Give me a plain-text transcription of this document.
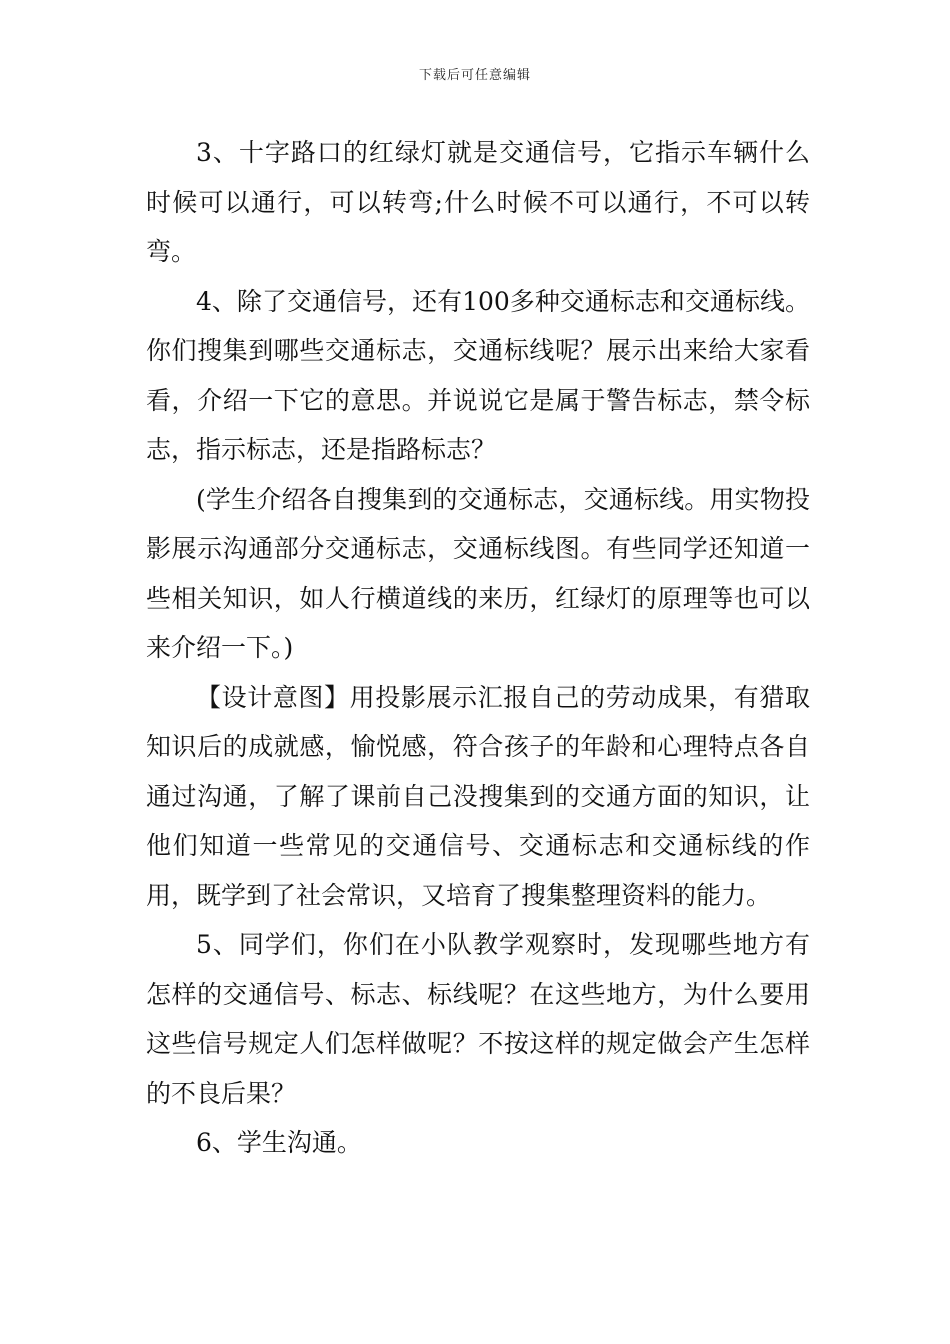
下载后可任意编辑

3、十字路口的红绿灯就是交通信号，它指示车辆什么时候可以通行，可以转弯;什么时候不可以通行，不可以转弯。

4、除了交通信号，还有100多种交通标志和交通标线。你们搜集到哪些交通标志，交通标线呢？展示出来给大家看看，介绍一下它的意思。并说说它是属于警告标志，禁令标志，指示标志，还是指路标志？

(学生介绍各自搜集到的交通标志，交通标线。用实物投影展示沟通部分交通标志，交通标线图。有些同学还知道一些相关知识，如人行横道线的来历，红绿灯的原理等也可以来介绍一下。)

【设计意图】用投影展示汇报自己的劳动成果，有猎取知识后的成就感，愉悦感，符合孩子的年龄和心理特点各自通过沟通，了解了课前自己没搜集到的交通方面的知识，让他们知道一些常见的交通信号、交通标志和交通标线的作用，既学到了社会常识，又培育了搜集整理资料的能力。

5、同学们，你们在小队教学观察时，发现哪些地方有怎样的交通信号、标志、标线呢？在这些地方，为什么要用这些信号规定人们怎样做呢？不按这样的规定做会产生怎样的不良后果？

6、学生沟通。
